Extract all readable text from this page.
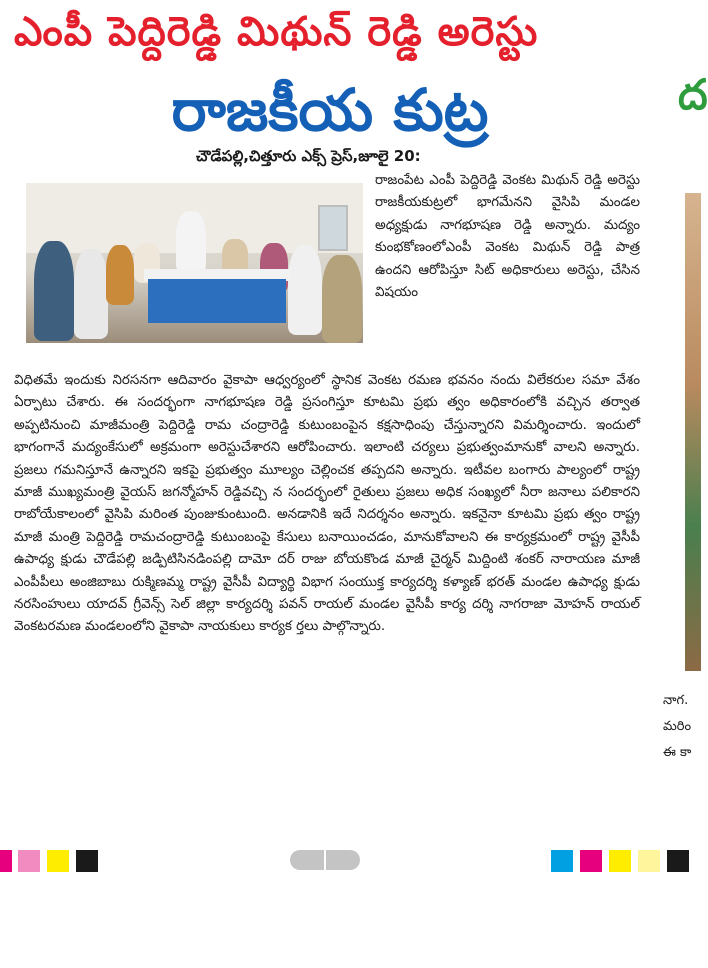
ఎంపీ పెద్దిరెడ్డి మిథున్ రెడ్డి అరెస్టు
రాజకీయ కుట్ర
చౌడేపల్లి,చిత్తూరు ఎక్స్ ప్రెస్,జూలై 20:
రాజంపేట ఎంపీ పెద్దిరెడ్డి వెంకట మిథున్ రెడ్డి అరెస్టు రాజకీయకుట్రలో భాగమేనని వైసిపి మండల అధ్యక్షుడు నాగభూషణ రెడ్డి అన్నారు. మద్యం కుంభకోణంలోఎంపీ వెంకట మిథున్ రెడ్డి పాత్ర ఉందని ఆరోపిస్తూ సిట్ అధికారులు అరెస్టు, చేసిన విషయం
విధితమే ఇందుకు నిరసనగా ఆదివారం వైకాపా ఆధ్వర్యంలో స్థానిక వెంకట రమణ భవనం నందు విలేకరుల సమా వేశం ఏర్పాటు చేశారు. ఈ సందర్భంగా నాగభూషణ రెడ్డి ప్రసంగిస్తూ కూటమి ప్రభు త్వం అధికారంలోకి వచ్చిన తర్వాత అప్పటినుంచి మాజీమంత్రి పెద్దిరెడ్డి రామ చంద్రారెడ్డి కుటుంబంపైన కక్షసాధింపు చేస్తున్నారని విమర్శించారు. ఇందులో భాగంగానే మద్యంకేసులో అక్రమంగా అరెస్టుచేశారని ఆరోపించారు. ఇలాంటి చర్యలు ప్రభుత్వంమానుకో వాలని అన్నారు. ప్రజలు గమనిస్తూనే ఉన్నారని ఇకపై ప్రభుత్వం మూల్యం చెల్లించక తప్పదని అన్నారు. ఇటీవల బంగారు పాల్యంలో రాష్ట్ర మాజీ ముఖ్యమంత్రి వైయస్ జగన్మోహన్ రెడ్డివచ్చి న సందర్భంలో రైతులు ప్రజలు అధిక సంఖ్యలో నీరా జనాలు పలికారని రాబోయేకాలంలో వైసిపి మరింత పుంజుకుంటుంది. అనడానికి ఇదే నిదర్శనం అన్నారు. ఇకనైనా కూటమి ప్రభు త్వం రాష్ట్ర మాజీ మంత్రి పెద్దిరెడ్డి రామచంద్రారెడ్డి కుటుంబంపై కేసులు బనాయించడం, మానుకోవాలని ఈ కార్యక్రమంలో రాష్ట్ర వైసీపీ ఉపాధ్య క్షుడు చౌడేపల్లి జడ్పిటిసినడింపల్లి దామో దర్ రాజు బోయకొండ మాజీ చైర్మన్ మిద్దింటి శంకర్ నారాయణ మాజీ ఎంపీపీలు అంజిబాబు రుక్మిణమ్మ రాష్ట్ర వైసీపీ విద్యార్థి విభాగ సంయుక్త కార్యదర్శి కళ్యాణ్ భరత్ మండల ఉపాధ్య క్షుడు నరసింహులు యాదవ్ గ్రీవెన్స్ సెల్ జిల్లా కార్యదర్శి పవన్ రాయల్ మండల వైసీపీ కార్య దర్శి నాగరాజా మోహన్ రాయల్ వెంకటరమణ మండలంలోని వైకాపా నాయకులు కార్యక ర్తలు పాల్గొన్నారు.
ద
నాగ.
మరిం
ఈ కా
